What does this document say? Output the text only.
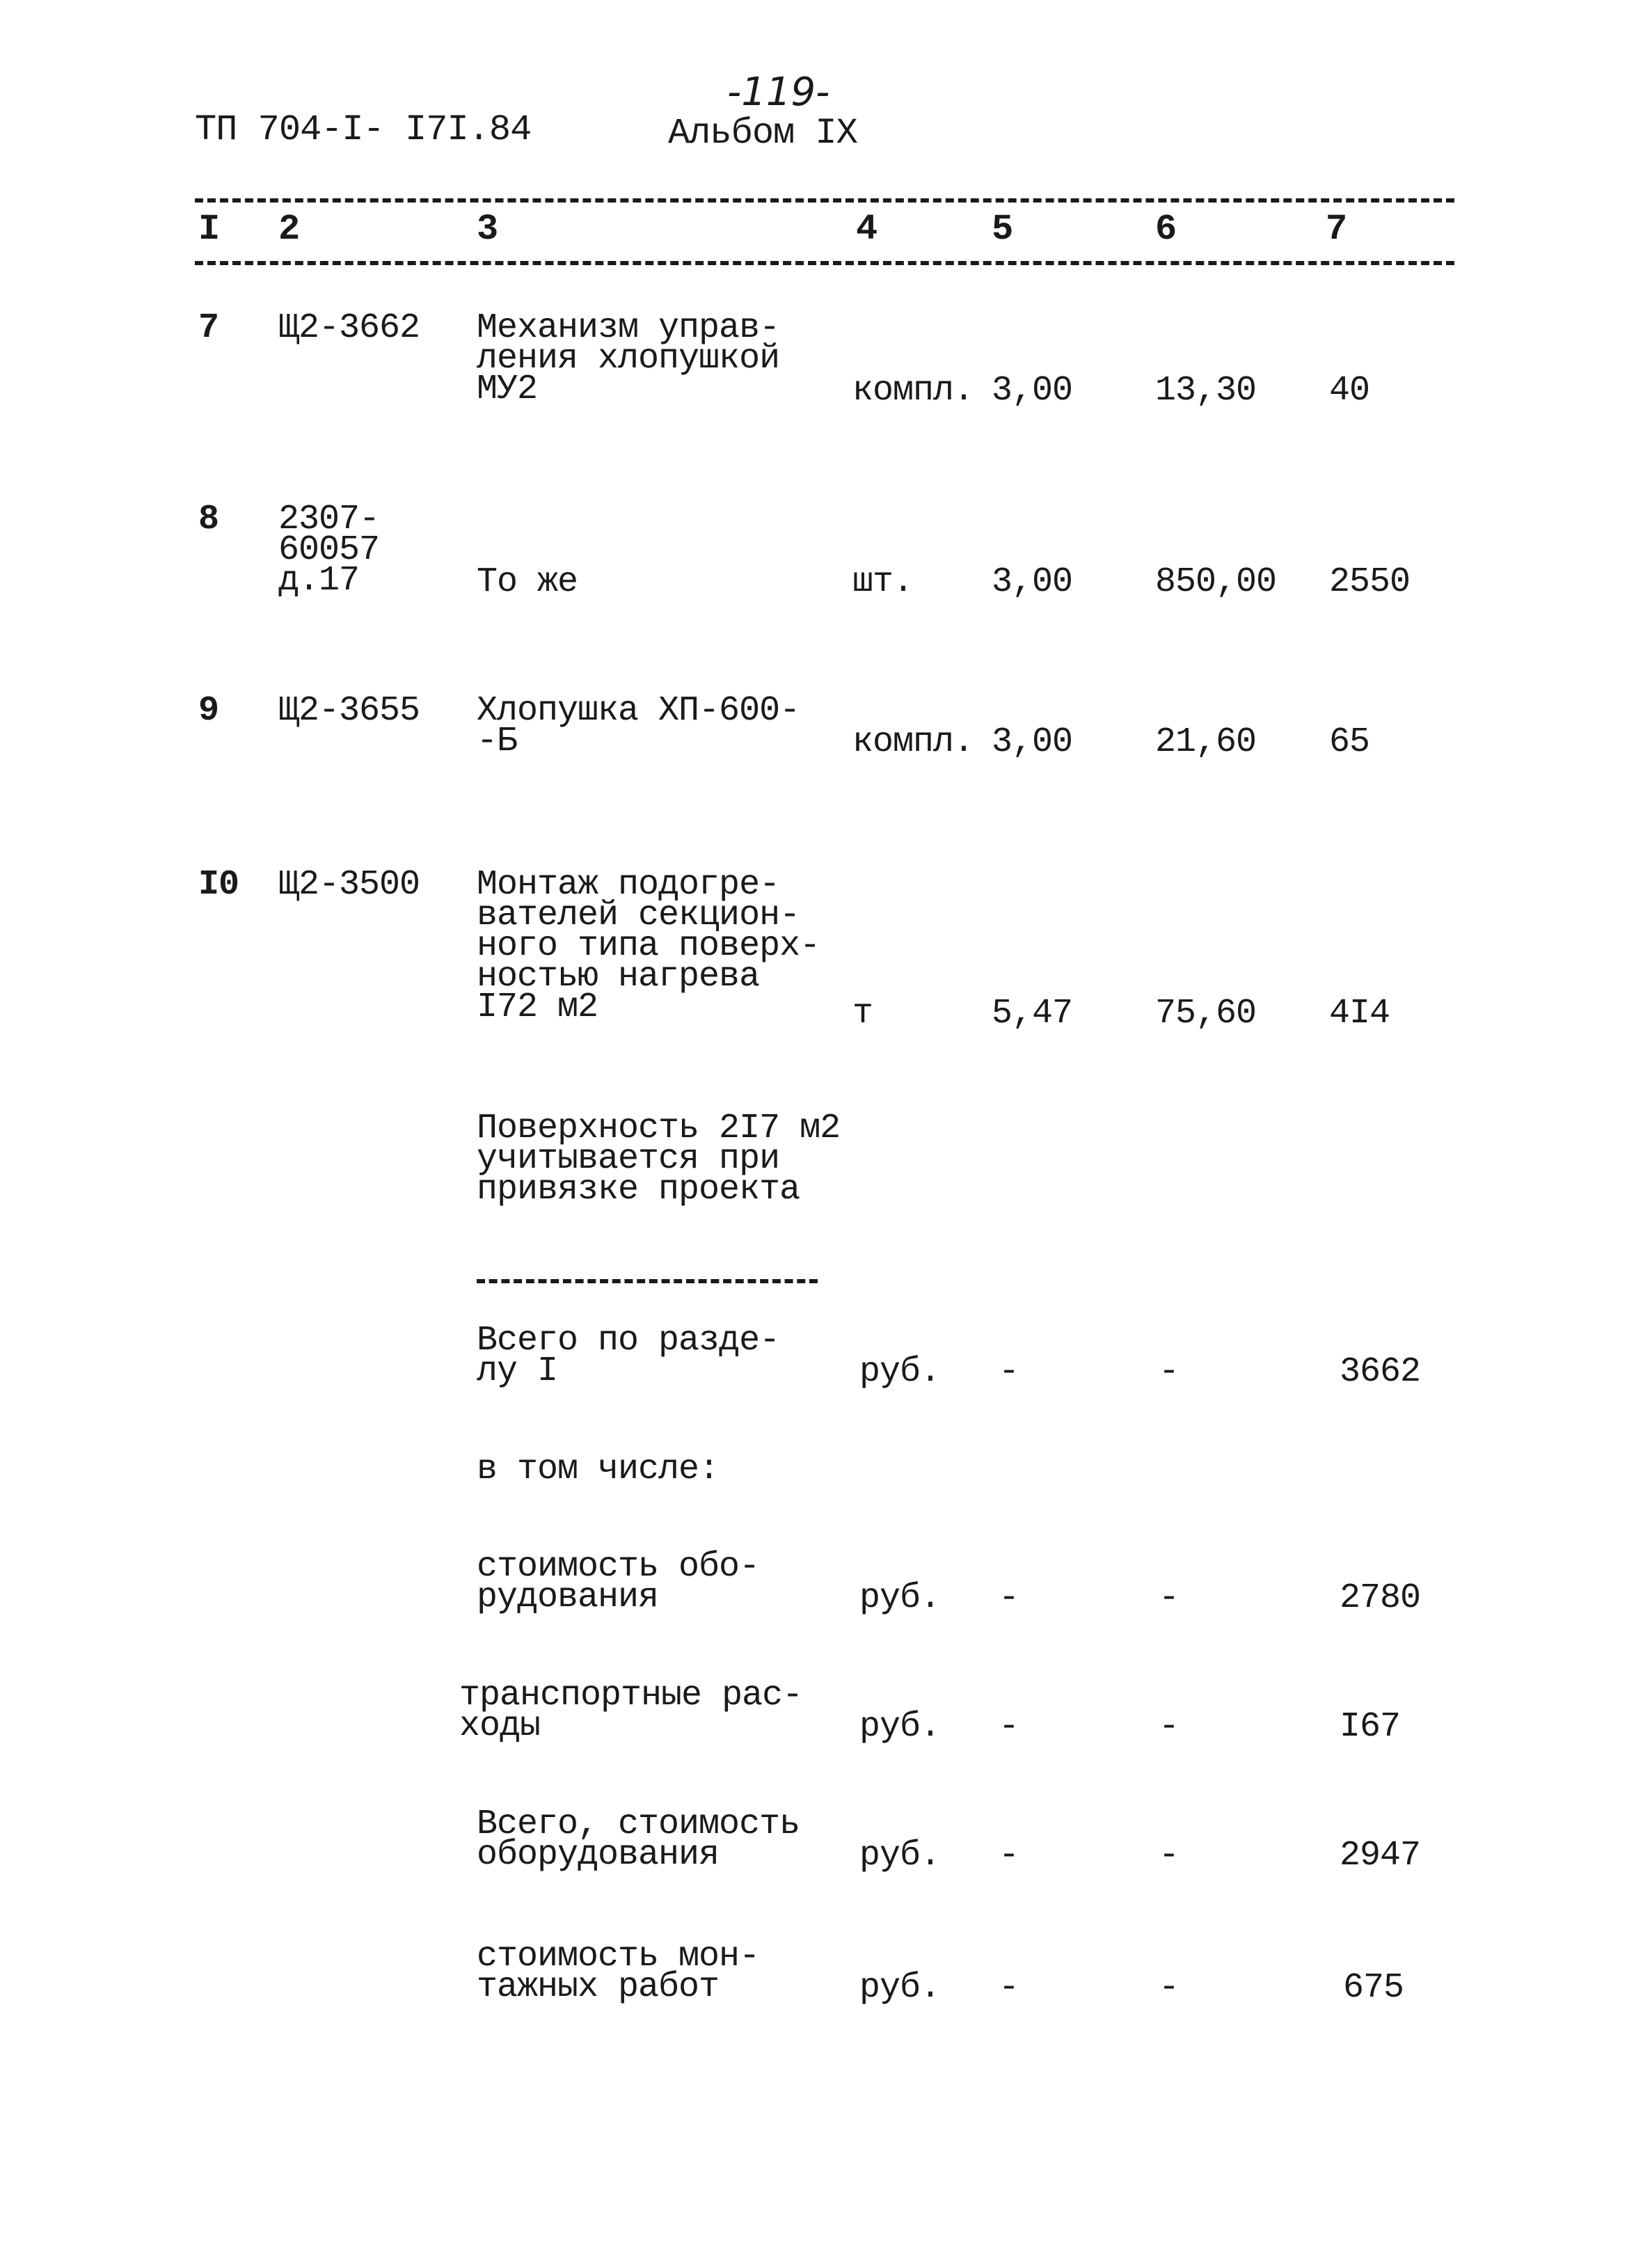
ТП 704-I- I7I.84
-119-
Альбом IX
I 2	3	4	5	6	7
7 Щ2-3662 Механизм управ-
ления хлопушкой
МУ2	компл. 3,00 13,30 40
8 2307-
60057
д.17	То же	шт. 3,00 850,00 2550
9 Щ2-3655 Хлопушка ХП-600-
-Б	компл. 3,00 21,60 65
I0 Щ2-3500 Монтаж подогре-
вателей секцион-
ного типа поверх-
ностью нагрева
I72 м2	т	5,47 75,60 4I4
Поверхность 2I7 м2
учитывается при
привязке проекта
Всего по разде-
лу I	руб. -	-	3662
в том числе:
стоимость обо-
рудования	руб. -	-	2780
транспортные рас-
ходы	руб. -	-	I67
Всего, стоимость
оборудования	руб. -	-	2947
стоимость мон-
тажных работ	руб. -	-	675
